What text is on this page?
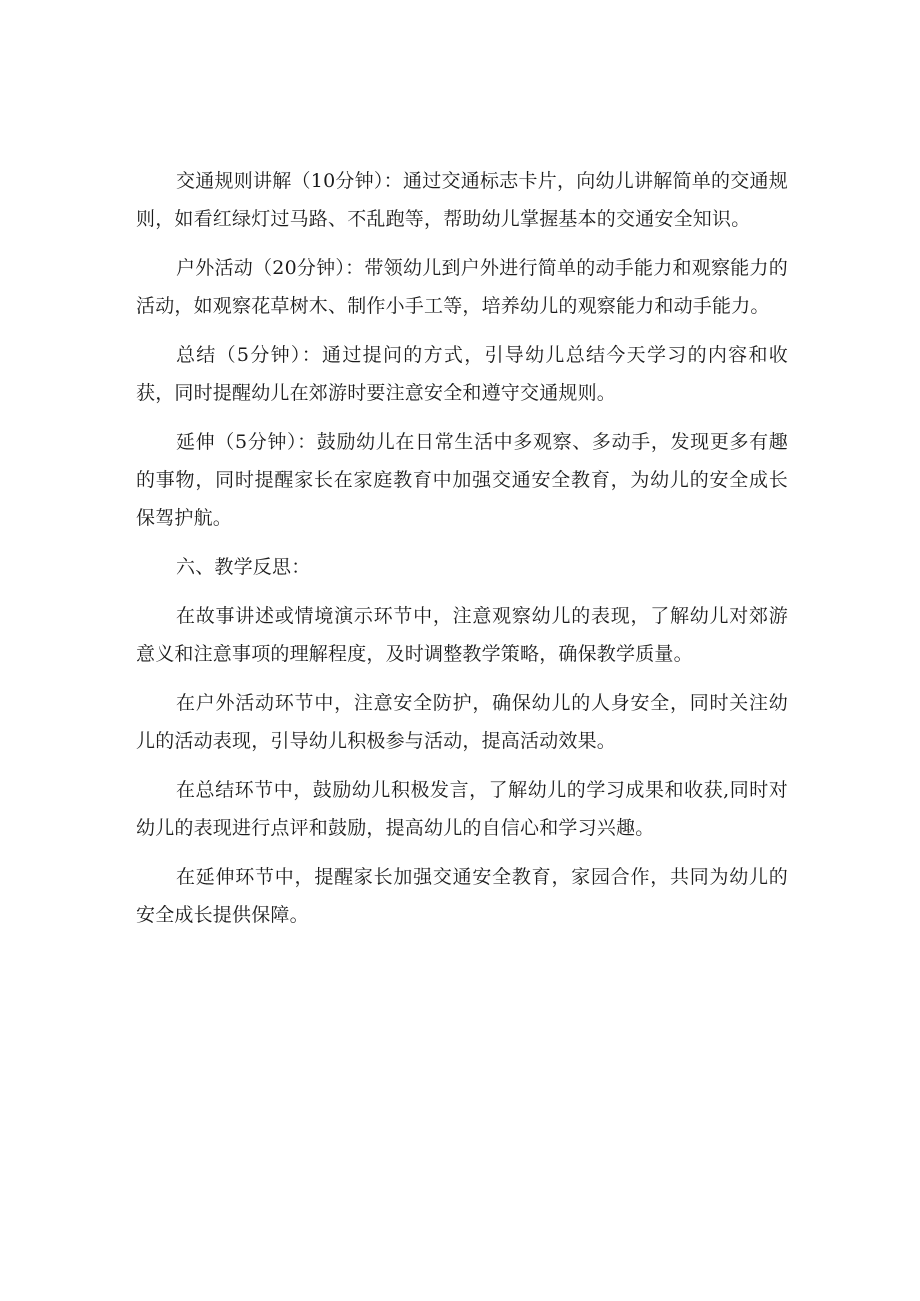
交通规则讲解（10分钟）：通过交通标志卡片，向幼儿讲解简单的交通规则，如看红绿灯过马路、不乱跑等，帮助幼儿掌握基本的交通安全知识。

户外活动（20分钟）：带领幼儿到户外进行简单的动手能力和观察能力的活动，如观察花草树木、制作小手工等，培养幼儿的观察能力和动手能力。

总结（5分钟）：通过提问的方式，引导幼儿总结今天学习的内容和收获，同时提醒幼儿在郊游时要注意安全和遵守交通规则。

延伸（5分钟）：鼓励幼儿在日常生活中多观察、多动手，发现更多有趣的事物，同时提醒家长在家庭教育中加强交通安全教育，为幼儿的安全成长保驾护航。

六、教学反思：

在故事讲述或情境演示环节中，注意观察幼儿的表现，了解幼儿对郊游意义和注意事项的理解程度，及时调整教学策略，确保教学质量。

在户外活动环节中，注意安全防护，确保幼儿的人身安全，同时关注幼儿的活动表现，引导幼儿积极参与活动，提高活动效果。

在总结环节中，鼓励幼儿积极发言，了解幼儿的学习成果和收获,同时对幼儿的表现进行点评和鼓励，提高幼儿的自信心和学习兴趣。

在延伸环节中，提醒家长加强交通安全教育，家园合作，共同为幼儿的安全成长提供保障。
